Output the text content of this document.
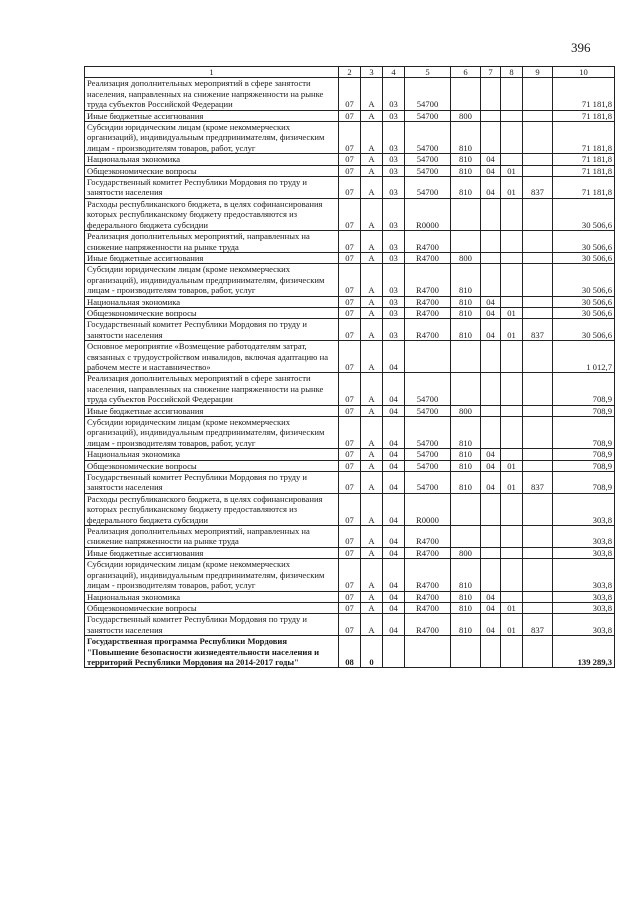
396
1	2	3	4	5	6	7	8	9	10
Реализация дополнительных мероприятий в сфере занятости населения, направленных на снижение напряженности на рынке труда субъектов Российской Федерации	07	А	03	54700					71 181,8
Иные бюджетные ассигнования	07	А	03	54700	800				71 181,8
Субсидии юридическим лицам (кроме некоммерческих организаций), индивидуальным предпринимателям, физическим лицам - производителям товаров, работ, услуг	07	А	03	54700	810				71 181,8
Национальная экономика	07	А	03	54700	810	04			71 181,8
Общеэкономические вопросы	07	А	03	54700	810	04	01		71 181,8
Государственный комитет Республики Мордовия по труду и занятости населения	07	А	03	54700	810	04	01	837	71 181,8
Расходы республиканского бюджета, в целях софинансирования которых республиканскому бюджету предоставляются из федерального бюджета субсидии	07	А	03	R0000					30 506,6
Реализация дополнительных мероприятий, направленных на снижение напряженности на рынке труда	07	А	03	R4700					30 506,6
Иные бюджетные ассигнования	07	А	03	R4700	800				30 506,6
Субсидии юридическим лицам (кроме некоммерческих организаций), индивидуальным предпринимателям, физическим лицам - производителям товаров, работ, услуг	07	А	03	R4700	810				30 506,6
Национальная экономика	07	А	03	R4700	810	04			30 506,6
Общеэкономические вопросы	07	А	03	R4700	810	04	01		30 506,6
Государственный комитет Республики Мордовия по труду и занятости населения	07	А	03	R4700	810	04	01	837	30 506,6
Основное мероприятие «Возмещение работодателям затрат, связанных с трудоустройством инвалидов, включая адаптацию на рабочем месте и наставничество»	07	А	04						1 012,7
Реализация дополнительных мероприятий в сфере занятости населения, направленных на снижение напряженности на рынке труда субъектов Российской Федерации	07	А	04	54700					708,9
Иные бюджетные ассигнования	07	А	04	54700	800				708,9
Субсидии юридическим лицам (кроме некоммерческих организаций), индивидуальным предпринимателям, физическим лицам - производителям товаров, работ, услуг	07	А	04	54700	810				708,9
Национальная экономика	07	А	04	54700	810	04			708,9
Общеэкономические вопросы	07	А	04	54700	810	04	01		708,9
Государственный комитет Республики Мордовия по труду и занятости населения	07	А	04	54700	810	04	01	837	708,9
Расходы республиканского бюджета, в целях софинансирования которых республиканскому бюджету предоставляются из федерального бюджета субсидии	07	А	04	R0000					303,8
Реализация дополнительных мероприятий, направленных на снижение напряженности на рынке труда	07	А	04	R4700					303,8
Иные бюджетные ассигнования	07	А	04	R4700	800				303,8
Субсидии юридическим лицам (кроме некоммерческих организаций), индивидуальным предпринимателям, физическим лицам - производителям товаров, работ, услуг	07	А	04	R4700	810				303,8
Национальная экономика	07	А	04	R4700	810	04			303,8
Общеэкономические вопросы	07	А	04	R4700	810	04	01		303,8
Государственный комитет Республики Мордовия по труду и занятости населения	07	А	04	R4700	810	04	01	837	303,8
Государственная программа Республики Мордовия "Повышение безопасности жизнедеятельности населения и территорий Республики Мордовия на 2014-2017 годы"	08	0							139 289,3
